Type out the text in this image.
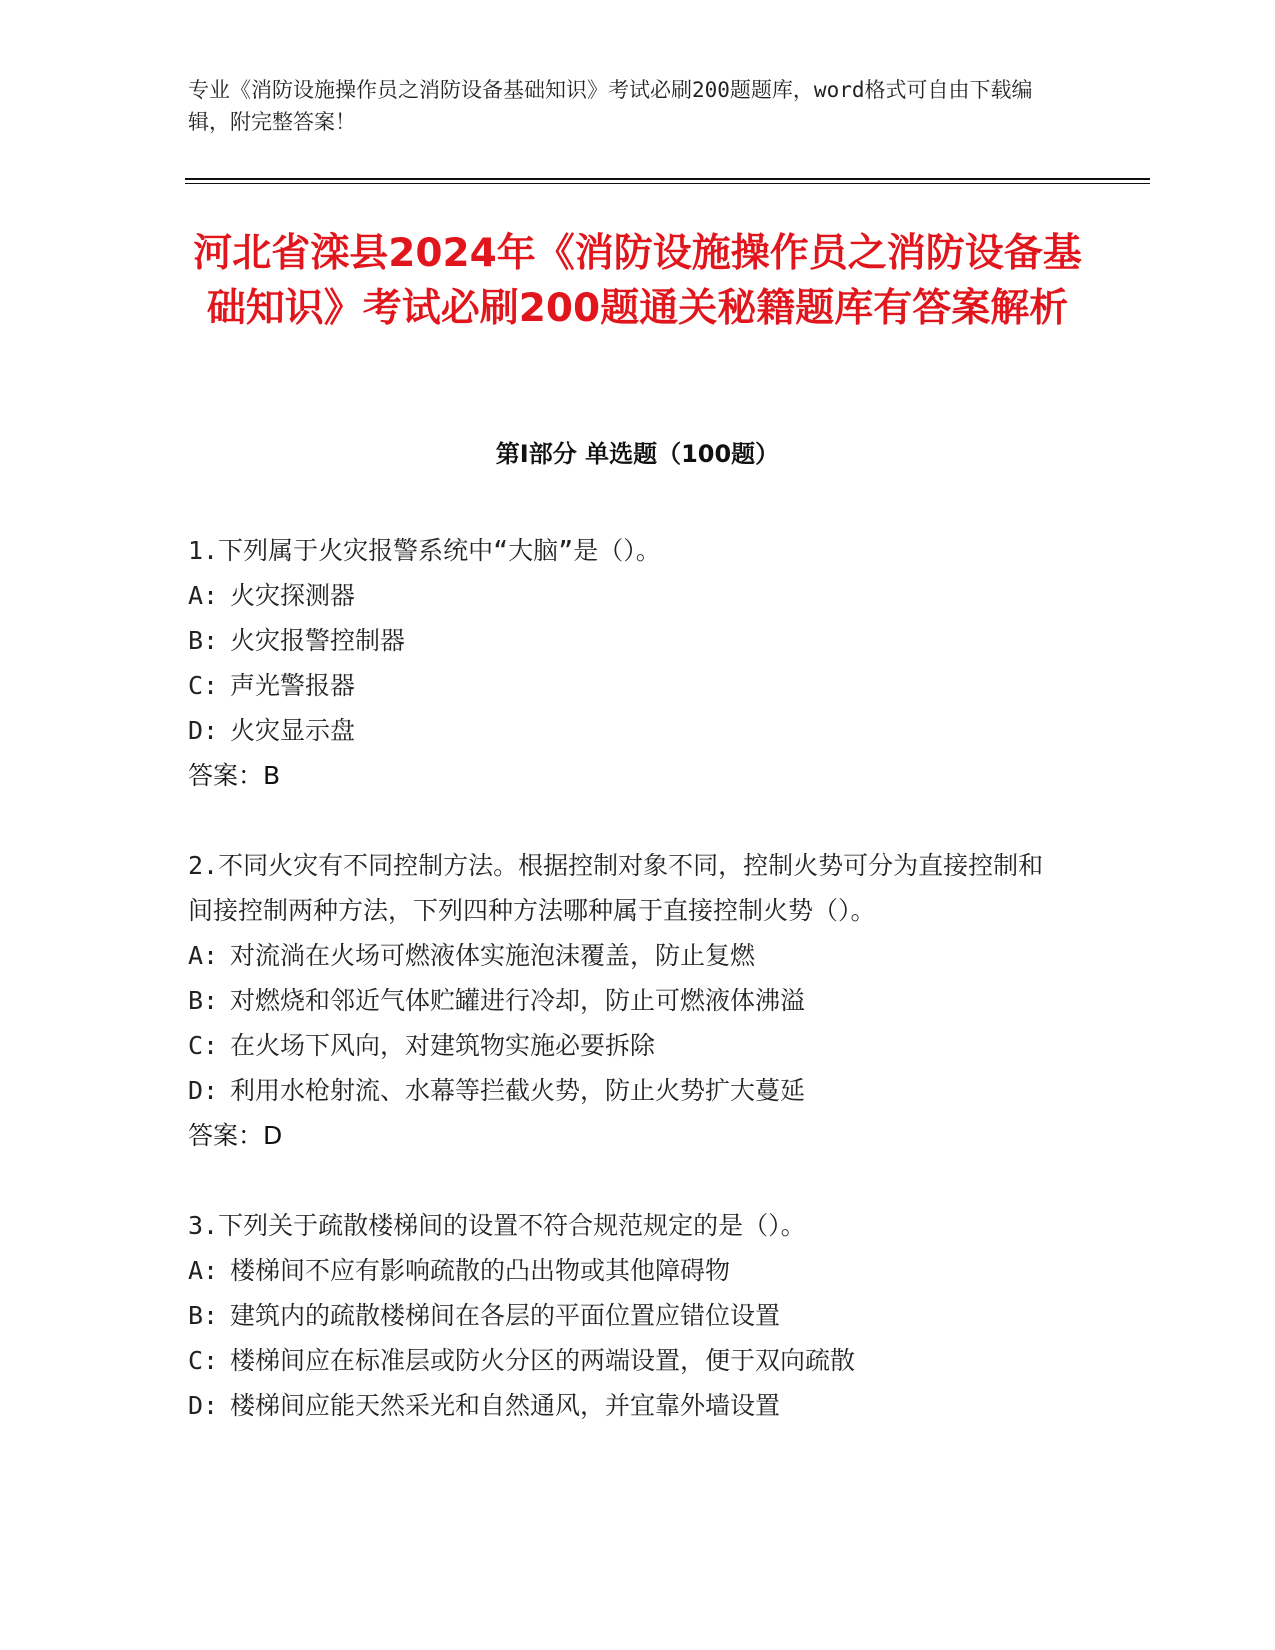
专业《消防设施操作员之消防设备基础知识》考试必刷200题题库，word格式可自由下载编辑，附完整答案！
河北省滦县2024年《消防设施操作员之消防设备基础知识》考试必刷200题通关秘籍题库有答案解析
第Ⅰ部分 单选题（100题）
1.下列属于火灾报警系统中“大脑”是（）。
A: 火灾探测器
B: 火灾报警控制器
C: 声光警报器
D: 火灾显示盘
答案：B
2.不同火灾有不同控制方法。根据控制对象不同，控制火势可分为直接控制和间接控制两种方法，下列四种方法哪种属于直接控制火势（）。
A: 对流淌在火场可燃液体实施泡沫覆盖，防止复燃
B: 对燃烧和邻近气体贮罐进行冷却，防止可燃液体沸溢
C: 在火场下风向，对建筑物实施必要拆除
D: 利用水枪射流、水幕等拦截火势，防止火势扩大蔓延
答案：D
3.下列关于疏散楼梯间的设置不符合规范规定的是（）。
A: 楼梯间不应有影响疏散的凸出物或其他障碍物
B: 建筑内的疏散楼梯间在各层的平面位置应错位设置
C: 楼梯间应在标准层或防火分区的两端设置，便于双向疏散
D: 楼梯间应能天然采光和自然通风，并宜靠外墙设置
